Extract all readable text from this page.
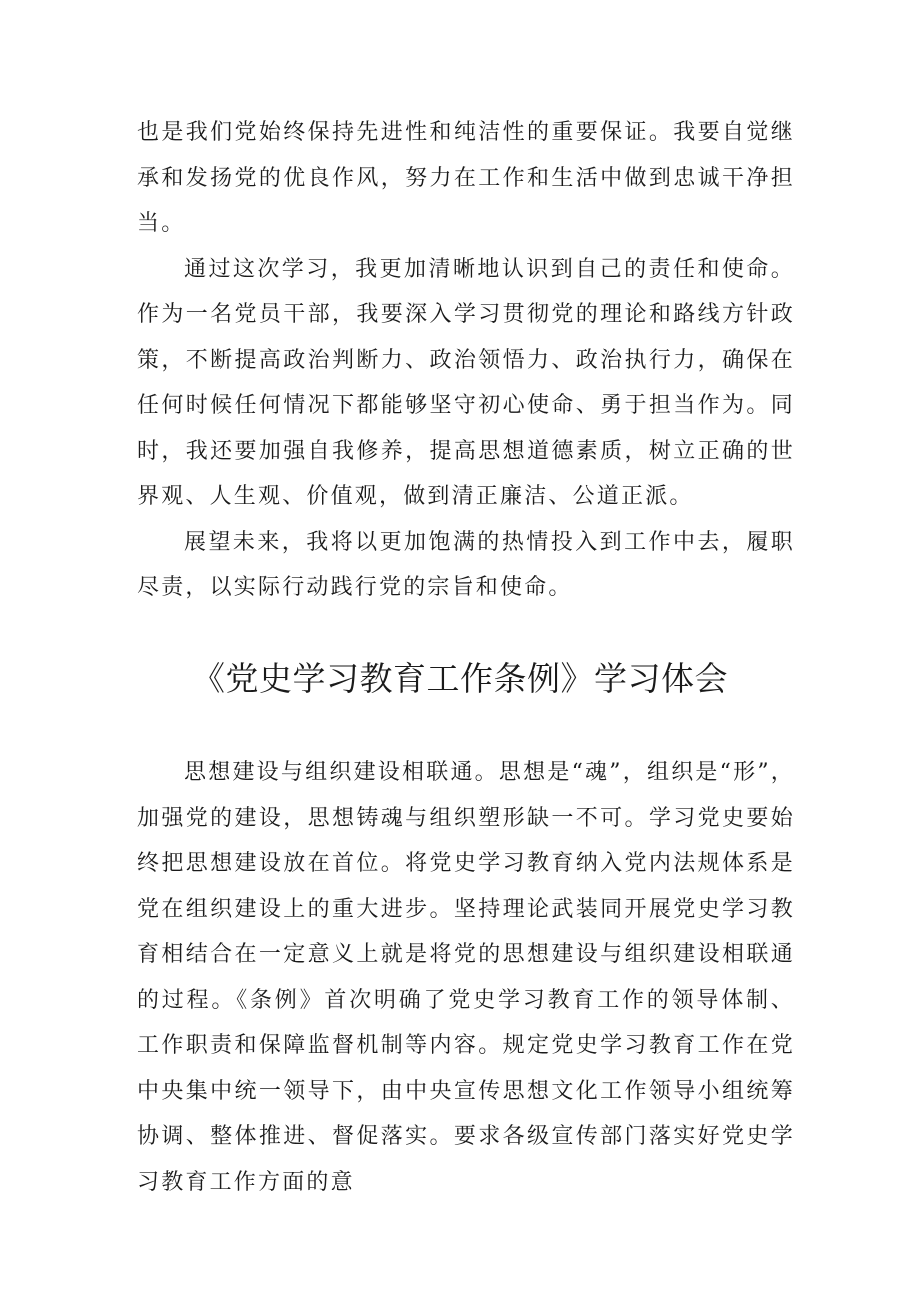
也是我们党始终保持先进性和纯洁性的重要保证。我要自觉继承和发扬党的优良作风，努力在工作和生活中做到忠诚干净担当。

通过这次学习，我更加清晰地认识到自己的责任和使命。作为一名党员干部，我要深入学习贯彻党的理论和路线方针政策，不断提高政治判断力、政治领悟力、政治执行力，确保在任何时候任何情况下都能够坚守初心使命、勇于担当作为。同时，我还要加强自我修养，提高思想道德素质，树立正确的世界观、人生观、价值观，做到清正廉洁、公道正派。

展望未来，我将以更加饱满的热情投入到工作中去，履职尽责，以实际行动践行党的宗旨和使命。

《党史学习教育工作条例》学习体会

思想建设与组织建设相联通。思想是“魂”，组织是“形”，加强党的建设，思想铸魂与组织塑形缺一不可。学习党史要始终把思想建设放在首位。将党史学习教育纳入党内法规体系是党在组织建设上的重大进步。坚持理论武装同开展党史学习教育相结合在一定意义上就是将党的思想建设与组织建设相联通的过程。《条例》首次明确了党史学习教育工作的领导体制、工作职责和保障监督机制等内容。规定党史学习教育工作在党中央集中统一领导下，由中央宣传思想文化工作领导小组统筹协调、整体推进、督促落实。要求各级宣传部门落实好党史学习教育工作方面的意
